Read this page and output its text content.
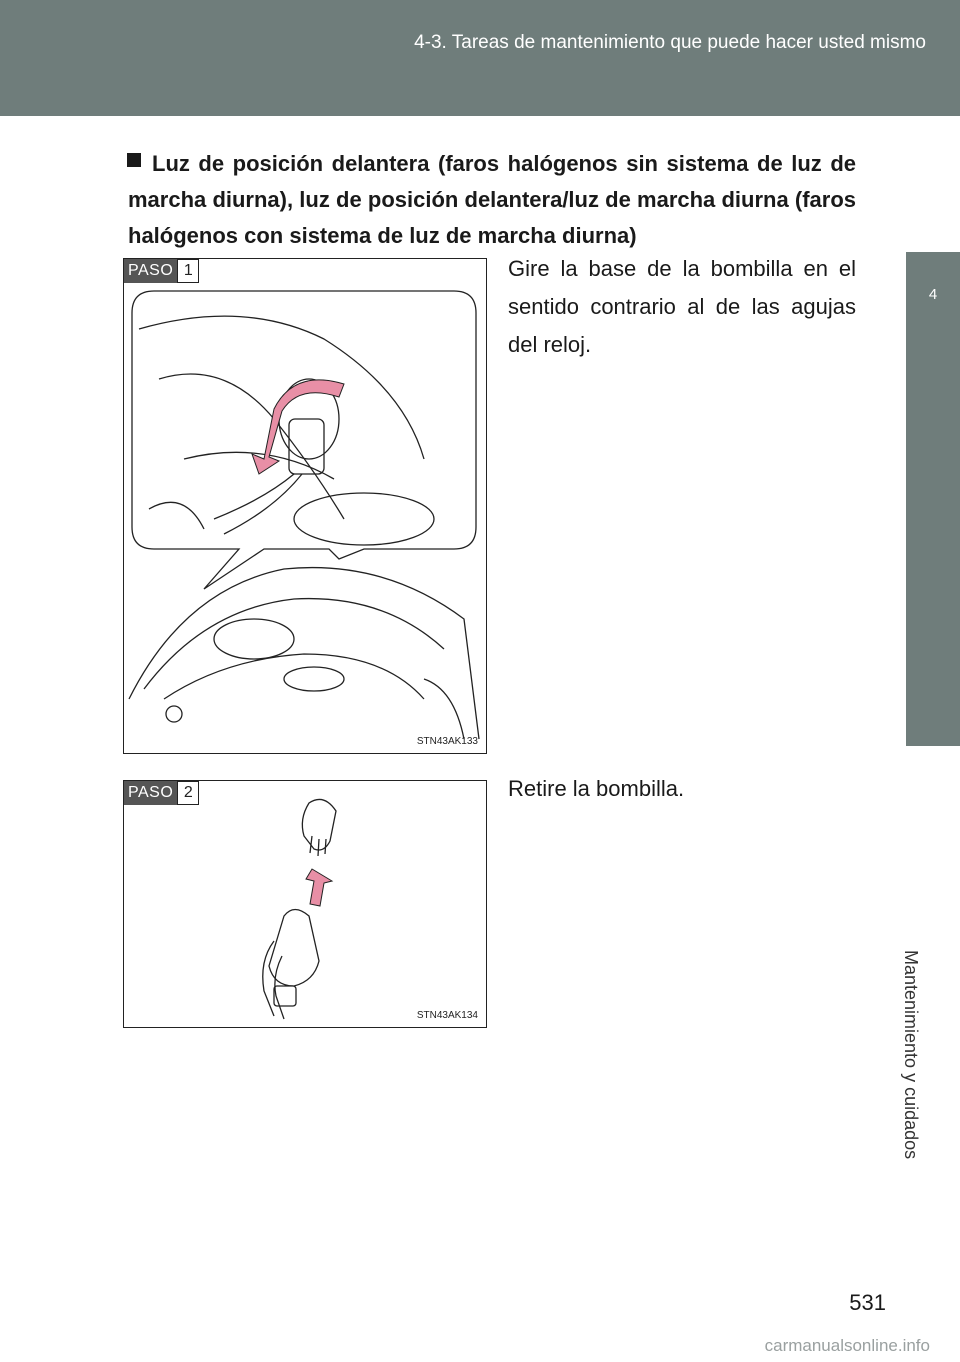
4-3. Tareas de mantenimiento que puede hacer usted mismo
4
Mantenimiento y cuidados
Luz de posición delantera (faros halógenos sin sistema de luz de marcha diurna), luz de posición delantera/luz de marcha diurna (faros halógenos con sistema de luz de marcha diurna)
PASO 1
STN43AK133
Gire la base de la bombilla en el sentido contrario al de las agujas del reloj.
PASO 2
STN43AK134
Retire la bombilla.
531
carmanualsonline.info
